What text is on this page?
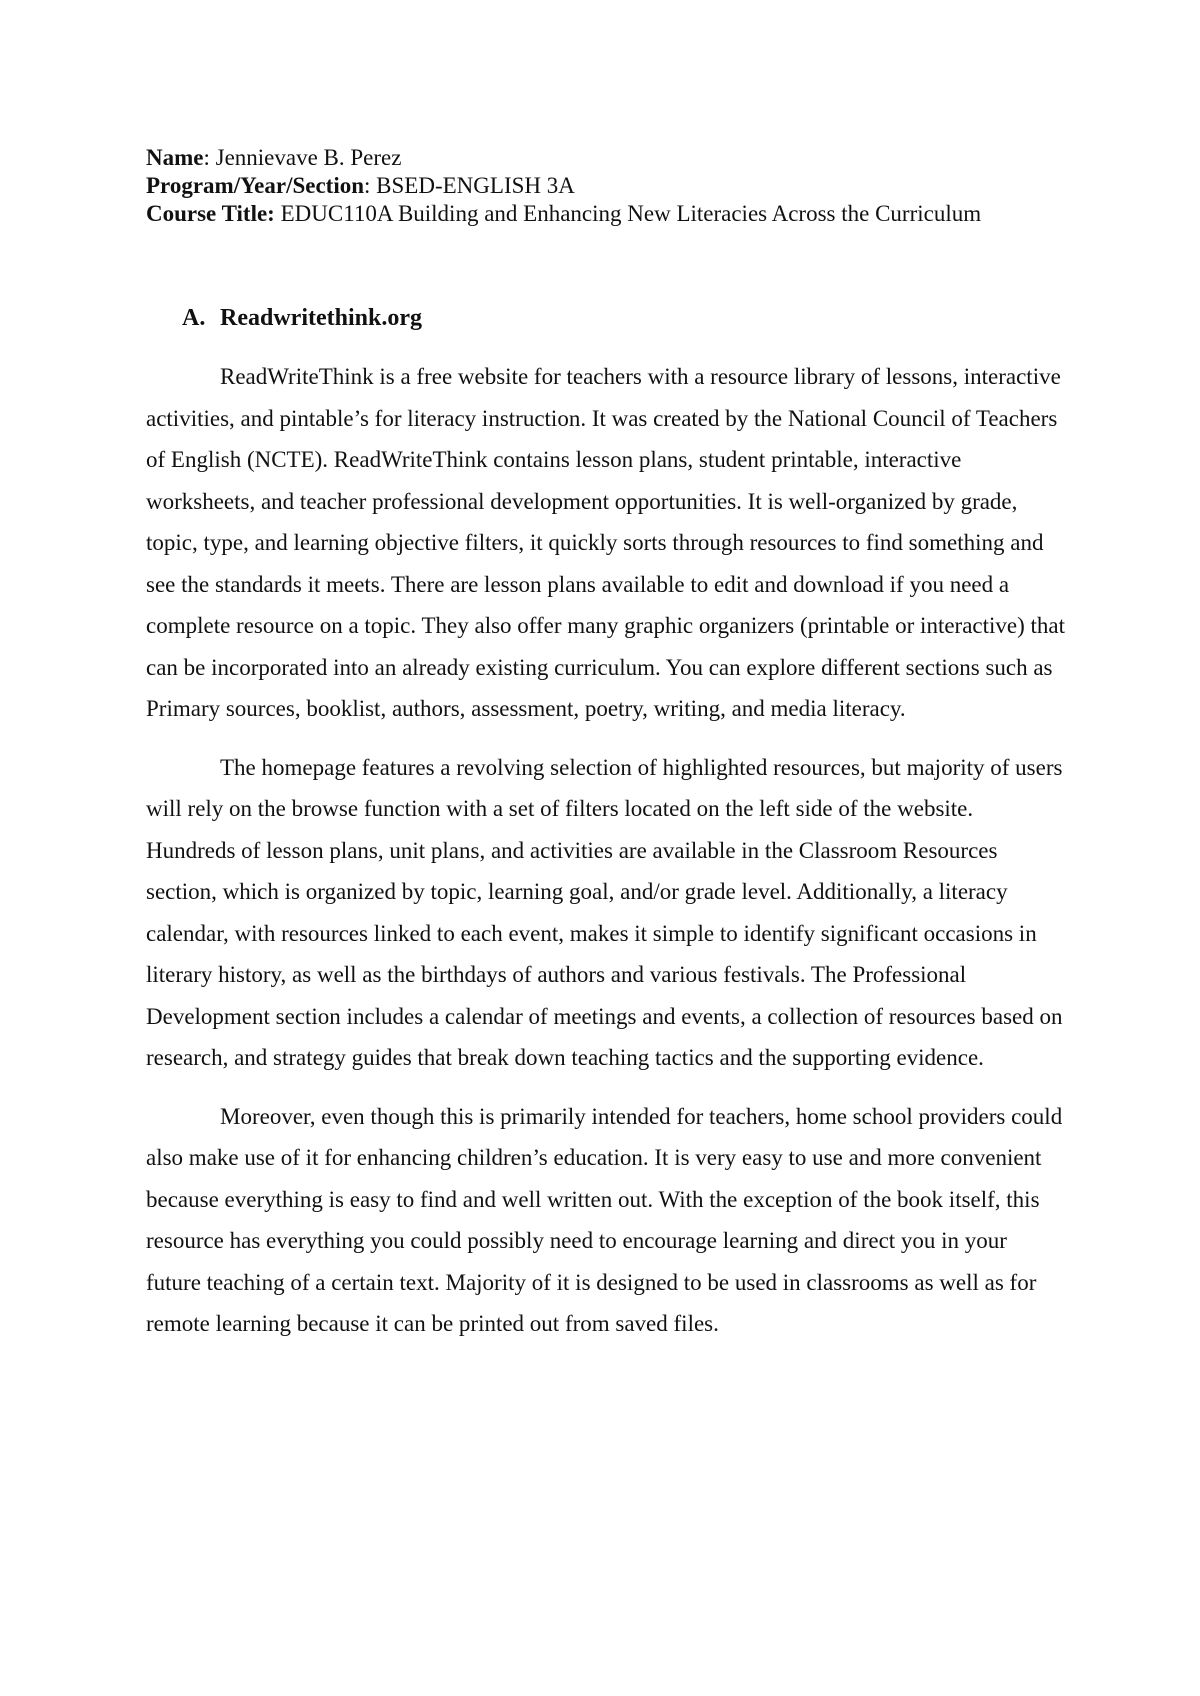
Name: Jennievave B. Perez

Program/Year/Section: BSED-ENGLISH 3A

Course Title: EDUC110A Building and Enhancing New Literacies Across the Curriculum

A. Readwritethink.org

ReadWriteThink is a free website for teachers with a resource library of lessons, interactive activities, and pintable’s for literacy instruction. It was created by the National Council of Teachers of English (NCTE). ReadWriteThink contains lesson plans, student printable, interactive worksheets, and teacher professional development opportunities. It is well-organized by grade, topic, type, and learning objective filters, it quickly sorts through resources to find something and see the standards it meets. There are lesson plans available to edit and download if you need a complete resource on a topic. They also offer many graphic organizers (printable or interactive) that can be incorporated into an already existing curriculum. You can explore different sections such as Primary sources, booklist, authors, assessment, poetry, writing, and media literacy.

The homepage features a revolving selection of highlighted resources, but majority of users will rely on the browse function with a set of filters located on the left side of the website. Hundreds of lesson plans, unit plans, and activities are available in the Classroom Resources section, which is organized by topic, learning goal, and/or grade level. Additionally, a literacy calendar, with resources linked to each event, makes it simple to identify significant occasions in literary history, as well as the birthdays of authors and various festivals. The Professional Development section includes a calendar of meetings and events, a collection of resources based on research, and strategy guides that break down teaching tactics and the supporting evidence.

Moreover, even though this is primarily intended for teachers, home school providers could also make use of it for enhancing children’s education. It is very easy to use and more convenient because everything is easy to find and well written out. With the exception of the book itself, this resource has everything you could possibly need to encourage learning and direct you in your future teaching of a certain text. Majority of it is designed to be used in classrooms as well as for remote learning because it can be printed out from saved files.
